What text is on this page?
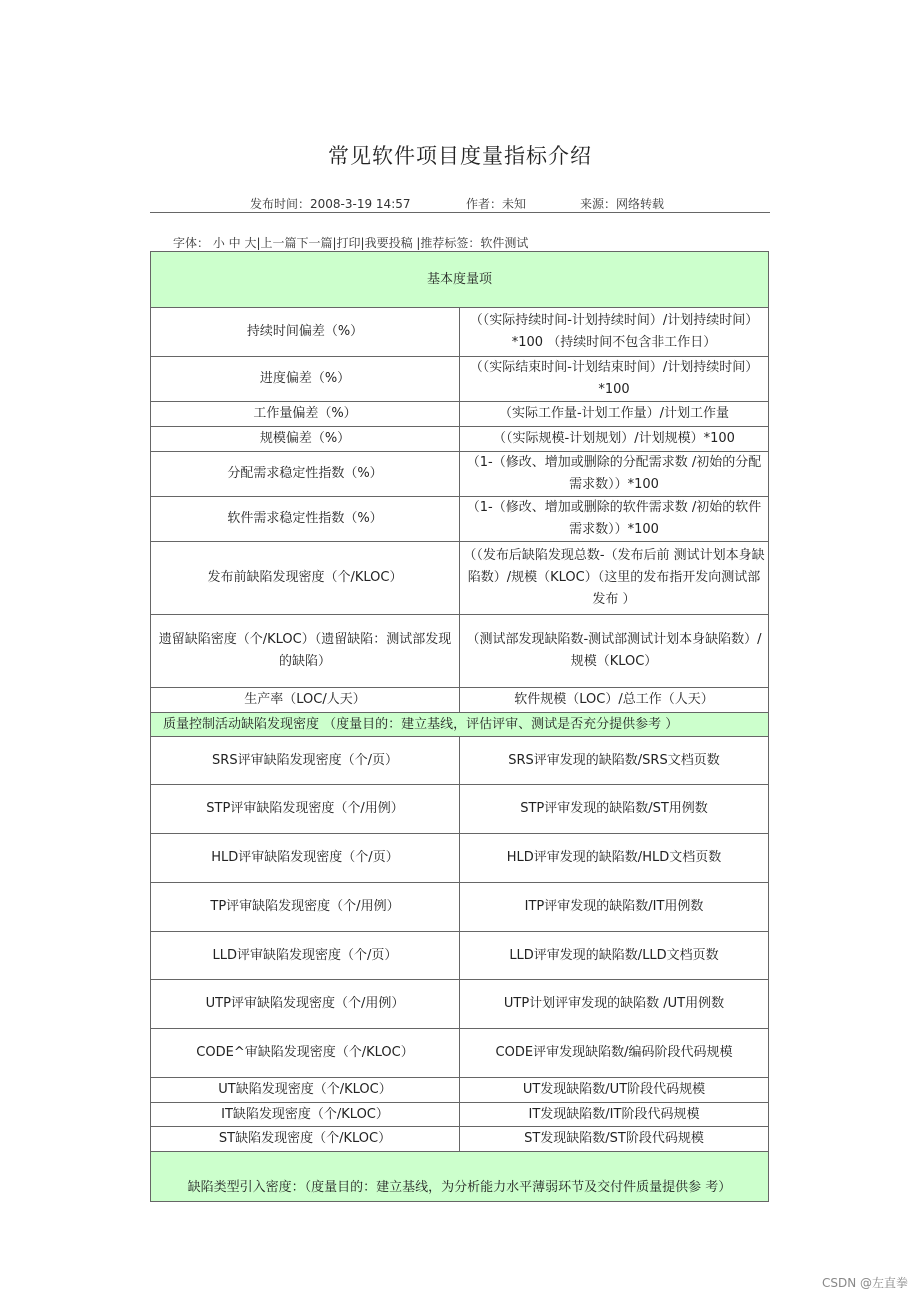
常见软件项目度量指标介绍
发布时间：2008-3-19 14:57	作者：未知	来源：网络转载
字体： 小 中 大|上一篇下一篇|打印|我要投稿 |推荐标签：软件测试
基本度量项	
持续时间偏差（%）	（（实际持续时间-计划持续时间）/计划持续时间）*100 （持续时间不包含非工作日）
进度偏差（%）	（（实际结束时间-计划结束时间）/计划持续时间）*100
工作量偏差（%）	（实际工作量-计划工作量）/计划工作量
规模偏差（%）	（（实际规模-计划规划）/计划规模）*100
分配需求稳定性指数（%）	（1-（修改、增加或删除的分配需求数 /初始的分配需求数））*100
软件需求稳定性指数（%）	（1-（修改、增加或删除的软件需求数 /初始的软件需求数））*100
发布前缺陷发现密度（个/KLOC）	（（发布后缺陷发现总数-（发布后前 测试计划本身缺陷数）/规模（KLOC）（这里的发布指开发向测试部发布 ）
遗留缺陷密度（个/KLOC）（遗留缺陷：测试部发现的缺陷）	（测试部发现缺陷数-测试部测试计划本身缺陷数）/规模（KLOC）
生产率（LOC/人天）	软件规模（LOC）/总工作（人天）
质量控制活动缺陷发现密度 （度量目的：建立基线，评估评审、测试是否充分提供参考 ）	
SRS评审缺陷发现密度（个/页）	SRS评审发现的缺陷数/SRS文档页数
STP评审缺陷发现密度（个/用例）	STP评审发现的缺陷数/ST用例数
HLD评审缺陷发现密度（个/页）	HLD评审发现的缺陷数/HLD文档页数
TP评审缺陷发现密度（个/用例）	ITP评审发现的缺陷数/IT用例数
LLD评审缺陷发现密度（个/页）	LLD评审发现的缺陷数/LLD文档页数
UTP评审缺陷发现密度（个/用例）	UTP计划评审发现的缺陷数 /UT用例数
CODE^审缺陷发现密度（个/KLOC）	CODE评审发现缺陷数/编码阶段代码规模
UT缺陷发现密度（个/KLOC）	UT发现缺陷数/UT阶段代码规模
IT缺陷发现密度（个/KLOC）	IT发现缺陷数/IT阶段代码规模
ST缺陷发现密度（个/KLOC）	ST发现缺陷数/ST阶段代码规模
缺陷类型引入密度：（度量目的：建立基线，为分析能力水平薄弱环节及交付件质量提供参 考）	
CSDN @左直拳
